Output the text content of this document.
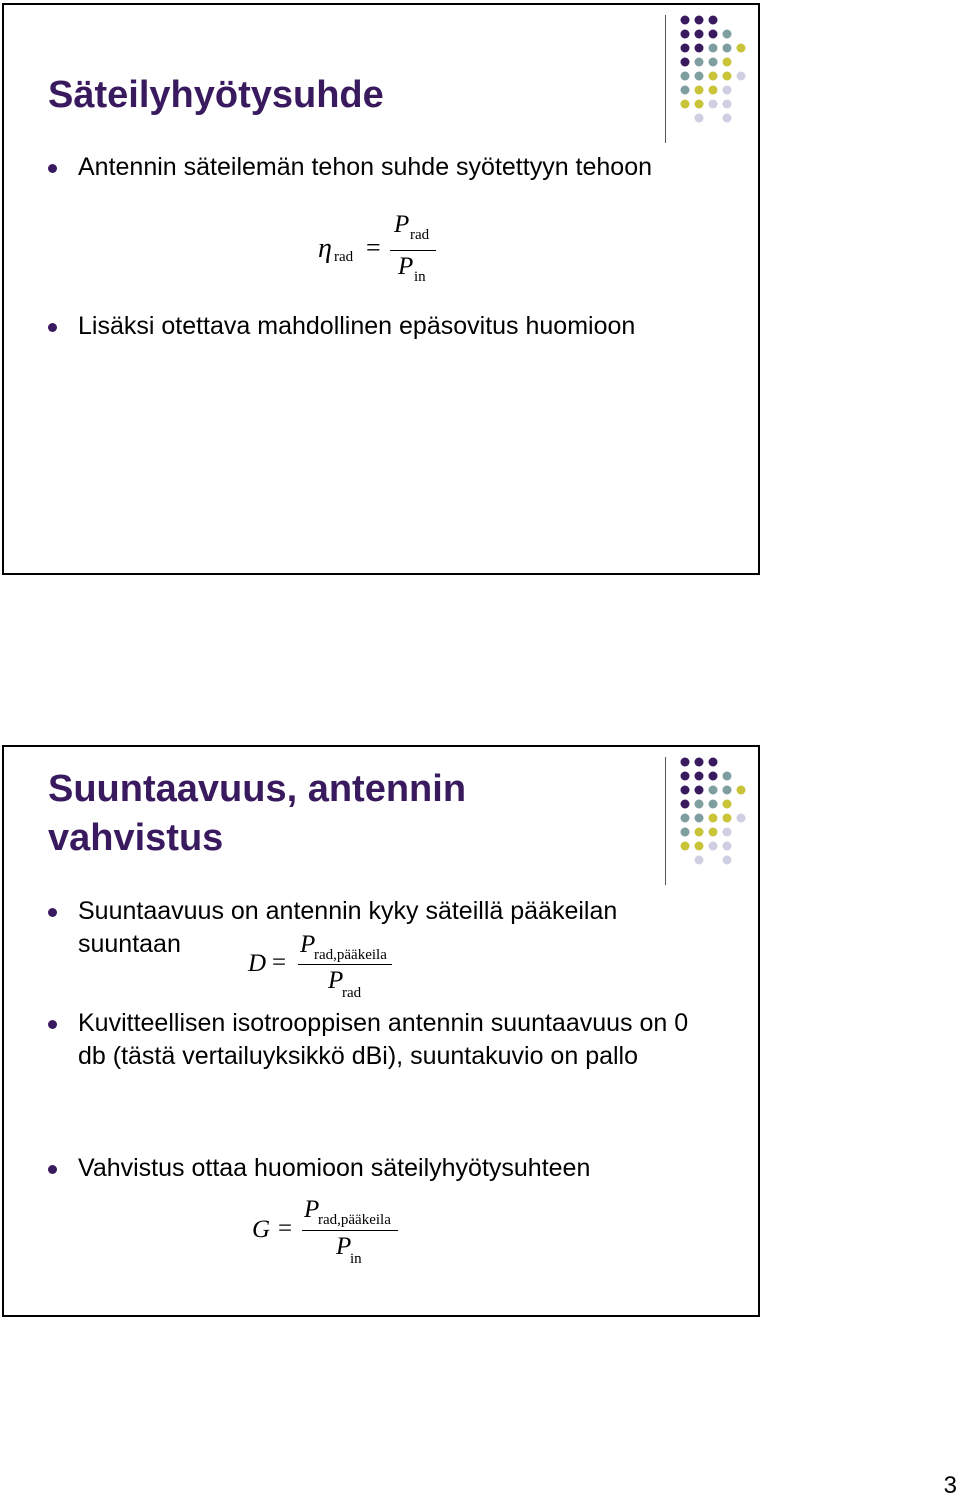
Säteilyhyötysuhde
Antennin säteilemän tehon suhde syötettyyn tehoon
η rad =
P rad
P in
Lisäksi otettava mahdollinen epäsovitus huomioon
Suuntaavuus, antennin
vahvistus
Suuntaavuus on antennin kyky säteillä pääkeilan
suuntaan
D =
P
rad,pääkeila
P
rad
Kuvitteellisen isotrooppisen antennin suuntaavuus on 0 db (tästä vertailuyksikkö dBi), suuntakuvio on pallo
Vahvistus ottaa huomioon säteilyhyötysuhteen
G =
P
rad,pääkeila
P
in
3
